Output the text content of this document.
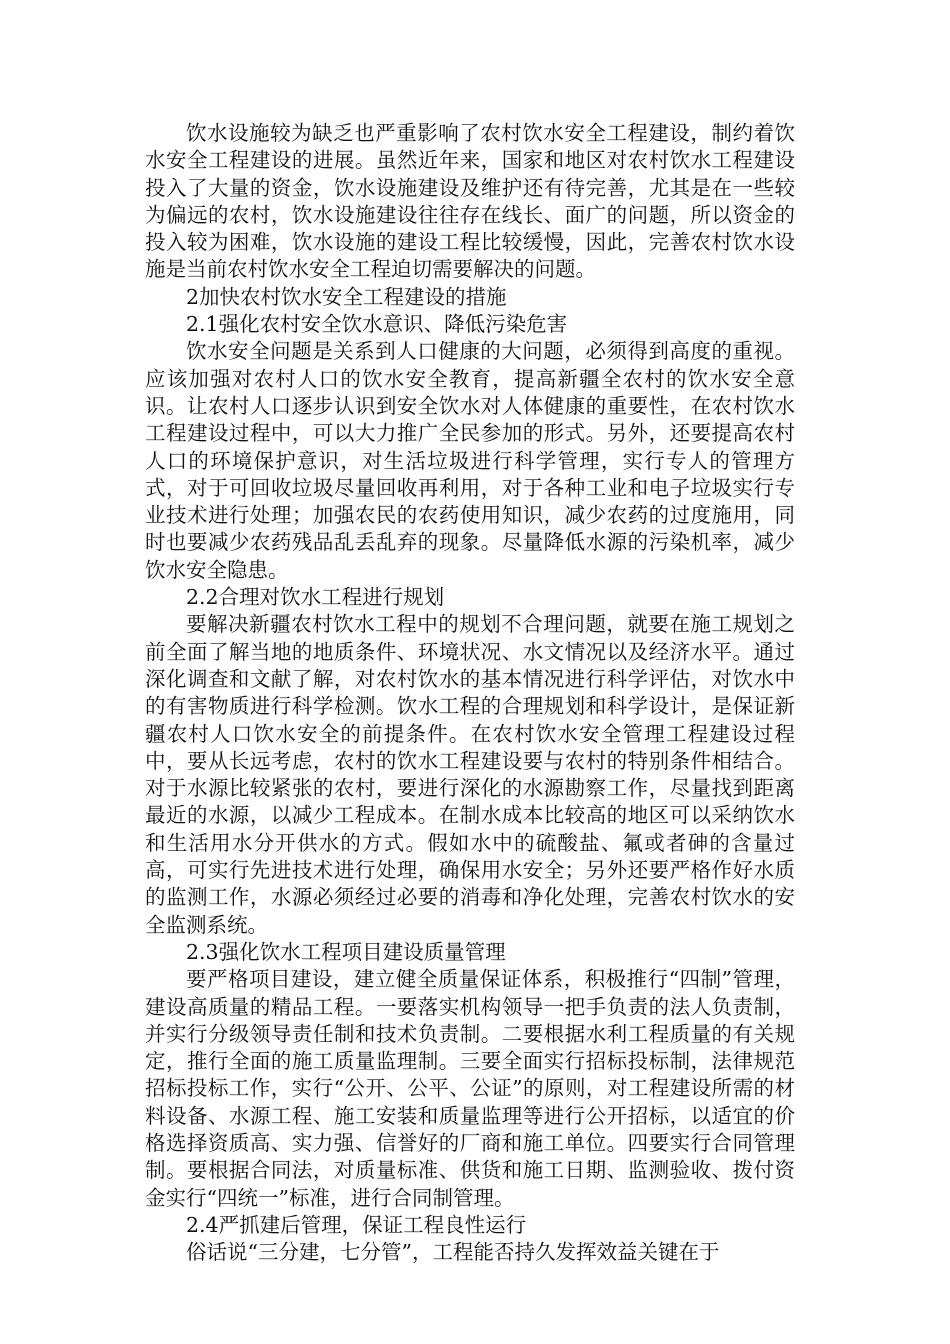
饮水设施较为缺乏也严重影响了农村饮水安全工程建设，制约着饮水安全工程建设的进展。虽然近年来，国家和地区对农村饮水工程建设投入了大量的资金，饮水设施建设及维护还有待完善，尤其是在一些较为偏远的农村，饮水设施建设往往存在线长、面广的问题，所以资金的投入较为困难，饮水设施的建设工程比较缓慢，因此，完善农村饮水设施是当前农村饮水安全工程迫切需要解决的问题。

2加快农村饮水安全工程建设的措施
2.1强化农村安全饮水意识、降低污染危害

饮水安全问题是关系到人口健康的大问题，必须得到高度的重视。应该加强对农村人口的饮水安全教育，提高新疆全农村的饮水安全意识。让农村人口逐步认识到安全饮水对人体健康的重要性，在农村饮水工程建设过程中，可以大力推广全民参加的形式。另外，还要提高农村人口的环境保护意识，对生活垃圾进行科学管理，实行专人的管理方式，对于可回收垃圾尽量回收再利用，对于各种工业和电子垃圾实行专业技术进行处理；加强农民的农药使用知识，减少农药的过度施用，同时也要减少农药残品乱丢乱弃的现象。尽量降低水源的污染机率，减少饮水安全隐患。

2.2合理对饮水工程进行规划

要解决新疆农村饮水工程中的规划不合理问题，就要在施工规划之前全面了解当地的地质条件、环境状况、水文情况以及经济水平。通过深化调查和文献了解，对农村饮水的基本情况进行科学评估，对饮水中的有害物质进行科学检测。饮水工程的合理规划和科学设计，是保证新疆农村人口饮水安全的前提条件。在农村饮水安全管理工程建设过程中，要从长远考虑，农村的饮水工程建设要与农村的特别条件相结合。对于水源比较紧张的农村，要进行深化的水源勘察工作，尽量找到距离最近的水源，以减少工程成本。在制水成本比较高的地区可以采纳饮水和生活用水分开供水的方式。假如水中的硫酸盐、氟或者砷的含量过高，可实行先进技术进行处理，确保用水安全；另外还要严格作好水质的监测工作，水源必须经过必要的消毒和净化处理，完善农村饮水的安全监测系统。

2.3强化饮水工程项目建设质量管理

要严格项目建设，建立健全质量保证体系，积极推行“四制”管理，建设高质量的精品工程。一要落实机构领导一把手负责的法人负责制，并实行分级领导责任制和技术负责制。二要根据水利工程质量的有关规定，推行全面的施工质量监理制。三要全面实行招标投标制，法律规范招标投标工作，实行“公开、公平、公证”的原则，对工程建设所需的材料设备、水源工程、施工安装和质量监理等进行公开招标，以适宜的价格选择资质高、实力强、信誉好的厂商和施工单位。四要实行合同管理制。要根据合同法，对质量标准、供货和施工日期、监测验收、拨付资金实行“四统一”标准，进行合同制管理。

2.4严抓建后管理，保证工程良性运行

俗话说“三分建，七分管”，工程能否持久发挥效益关键在于
